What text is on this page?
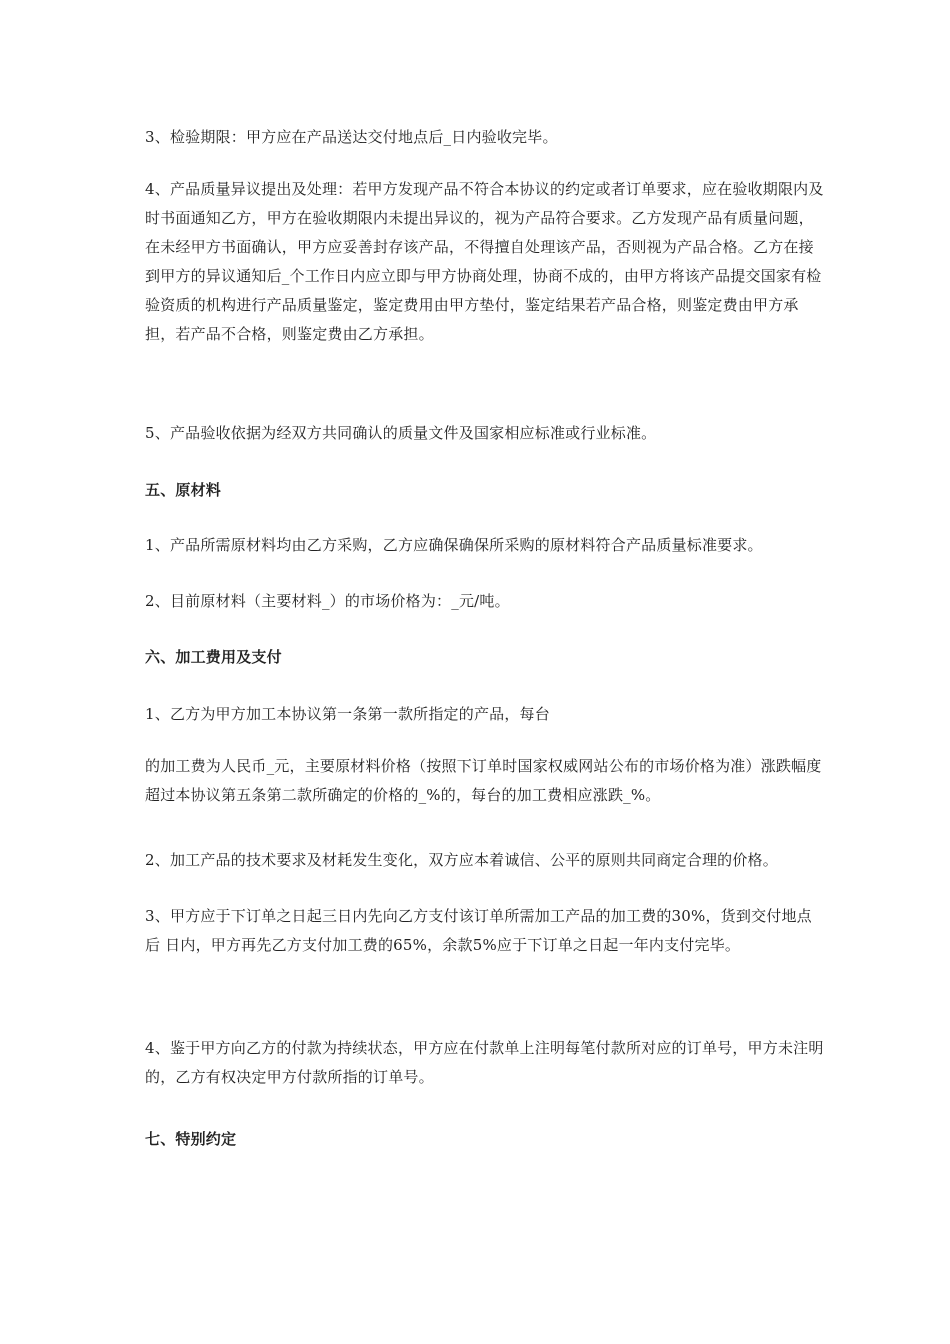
3、检验期限：甲方应在产品送达交付地点后_日内验收完毕。

4、产品质量异议提出及处理：若甲方发现产品不符合本协议的约定或者订单要求，应在验收期限内及时书面通知乙方，甲方在验收期限内未提出异议的，视为产品符合要求。乙方发现产品有质量问题，在未经甲方书面确认，甲方应妥善封存该产品，不得擅自处理该产品，否则视为产品合格。乙方在接到甲方的异议通知后_个工作日内应立即与甲方协商处理，协商不成的，由甲方将该产品提交国家有检验资质的机构进行产品质量鉴定，鉴定费用由甲方垫付，鉴定结果若产品合格，则鉴定费由甲方承担，若产品不合格，则鉴定费由乙方承担。

5、产品验收依据为经双方共同确认的质量文件及国家相应标准或行业标准。

五、原材料

1、产品所需原材料均由乙方采购，乙方应确保确保所采购的原材料符合产品质量标准要求。

2、目前原材料（主要材料_）的市场价格为：_元/吨。

六、加工费用及支付

1、乙方为甲方加工本协议第一条第一款所指定的产品，每台

的加工费为人民币_元，主要原材料价格（按照下订单时国家权威网站公布的市场价格为准）涨跌幅度超过本协议第五条第二款所确定的价格的_%的，每台的加工费相应涨跌_%。

2、加工产品的技术要求及材耗发生变化，双方应本着诚信、公平的原则共同商定合理的价格。

3、甲方应于下订单之日起三日内先向乙方支付该订单所需加工产品的加工费的30%，货到交付地点后 日内，甲方再先乙方支付加工费的65%，余款5%应于下订单之日起一年内支付完毕。

4、鉴于甲方向乙方的付款为持续状态，甲方应在付款单上注明每笔付款所对应的订单号，甲方未注明的，乙方有权决定甲方付款所指的订单号。

七、特别约定
